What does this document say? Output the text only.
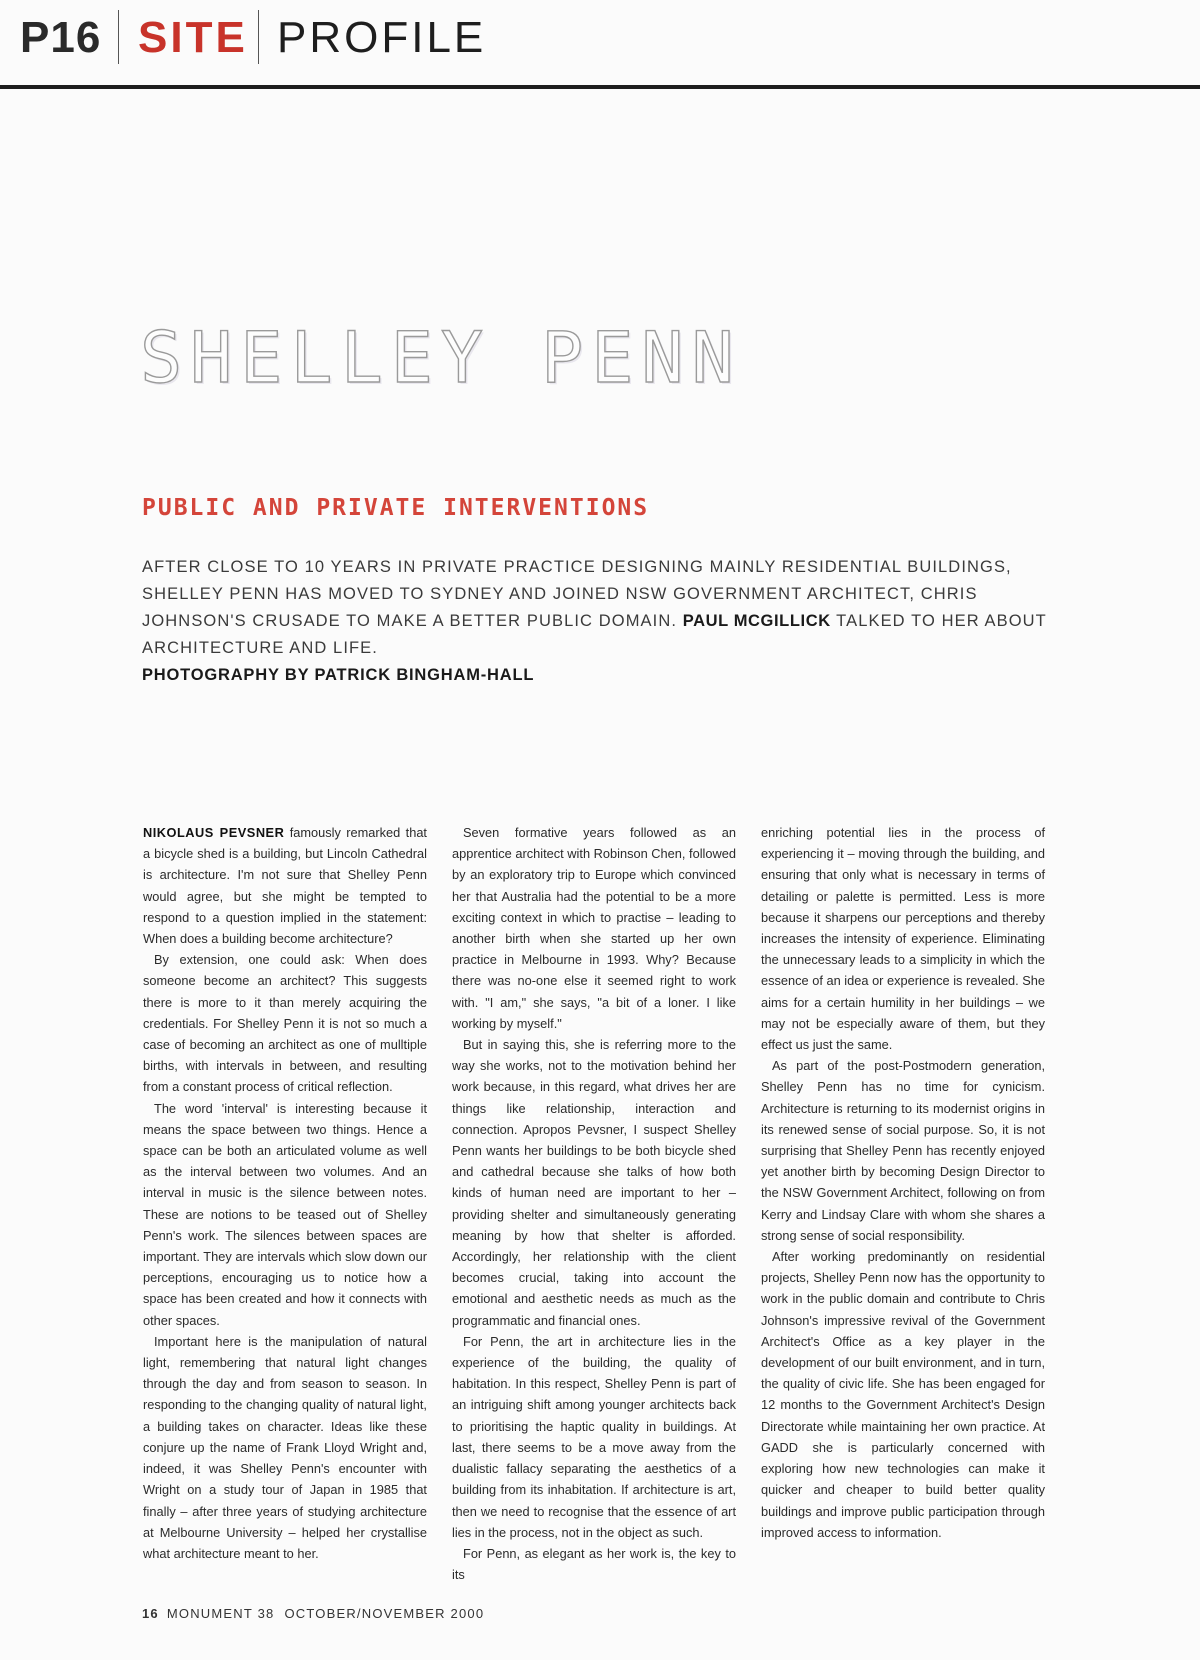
P16 SITE PROFILE
SHELLEY PENN
PUBLIC AND PRIVATE INTERVENTIONS
AFTER CLOSE TO 10 YEARS IN PRIVATE PRACTICE DESIGNING MAINLY RESIDENTIAL BUILDINGS, SHELLEY PENN HAS MOVED TO SYDNEY AND JOINED NSW GOVERNMENT ARCHITECT, CHRIS JOHNSON'S CRUSADE TO MAKE A BETTER PUBLIC DOMAIN. PAUL MCGILLICK TALKED TO HER ABOUT ARCHITECTURE AND LIFE.
PHOTOGRAPHY BY PATRICK BINGHAM-HALL

NIKOLAUS PEVSNER famously remarked that a bicycle shed is a building, but Lincoln Cathedral is architecture. I'm not sure that Shelley Penn would agree, but she might be tempted to respond to a question implied in the statement: When does a building become architecture?

By extension, one could ask: When does someone become an architect? This suggests there is more to it than merely acquiring the credentials. For Shelley Penn it is not so much a case of becoming an architect as one of mulltiple births, with intervals in between, and resulting from a constant process of critical reflection.

The word 'interval' is interesting because it means the space between two things. Hence a space can be both an articulated volume as well as the interval between two volumes. And an interval in music is the silence between notes. These are notions to be teased out of Shelley Penn's work. The silences between spaces are important. They are intervals which slow down our perceptions, encouraging us to notice how a space has been created and how it connects with other spaces.

Important here is the manipulation of natural light, remembering that natural light changes through the day and from season to season. In responding to the changing quality of natural light, a building takes on character. Ideas like these conjure up the name of Frank Lloyd Wright and, indeed, it was Shelley Penn's encounter with Wright on a study tour of Japan in 1985 that finally – after three years of studying architecture at Melbourne University – helped her crystallise what architecture meant to her.

Seven formative years followed as an apprentice architect with Robinson Chen, followed by an exploratory trip to Europe which convinced her that Australia had the potential to be a more exciting context in which to practise – leading to another birth when she started up her own practice in Melbourne in 1993. Why? Because there was no-one else it seemed right to work with. "I am," she says, "a bit of a loner. I like working by myself."

But in saying this, she is referring more to the way she works, not to the motivation behind her work because, in this regard, what drives her are things like relationship, interaction and connection. Apropos Pevsner, I suspect Shelley Penn wants her buildings to be both bicycle shed and cathedral because she talks of how both kinds of human need are important to her – providing shelter and simultaneously generating meaning by how that shelter is afforded. Accordingly, her relationship with the client becomes crucial, taking into account the emotional and aesthetic needs as much as the programmatic and financial ones.

For Penn, the art in architecture lies in the experience of the building, the quality of habitation. In this respect, Shelley Penn is part of an intriguing shift among younger architects back to prioritising the haptic quality in buildings. At last, there seems to be a move away from the dualistic fallacy separating the aesthetics of a building from its inhabitation. If architecture is art, then we need to recognise that the essence of art lies in the process, not in the object as such.

For Penn, as elegant as her work is, the key to its

enriching potential lies in the process of experiencing it – moving through the building, and ensuring that only what is necessary in terms of detailing or palette is permitted. Less is more because it sharpens our perceptions and thereby increases the intensity of experience. Eliminating the unnecessary leads to a simplicity in which the essence of an idea or experience is revealed. She aims for a certain humility in her buildings – we may not be especially aware of them, but they effect us just the same.

As part of the post-Postmodern generation, Shelley Penn has no time for cynicism. Architecture is returning to its modernist origins in its renewed sense of social purpose. So, it is not surprising that Shelley Penn has recently enjoyed yet another birth by becoming Design Director to the NSW Government Architect, following on from Kerry and Lindsay Clare with whom she shares a strong sense of social responsibility.

After working predominantly on residential projects, Shelley Penn now has the opportunity to work in the public domain and contribute to Chris Johnson's impressive revival of the Government Architect's Office as a key player in the development of our built environment, and in turn, the quality of civic life. She has been engaged for 12 months to the Government Architect's Design Directorate while maintaining her own practice. At GADD she is particularly concerned with exploring how new technologies can make it quicker and cheaper to build better quality buildings and improve public participation through improved access to information.

16 MONUMENT 38 OCTOBER/NOVEMBER 2000
